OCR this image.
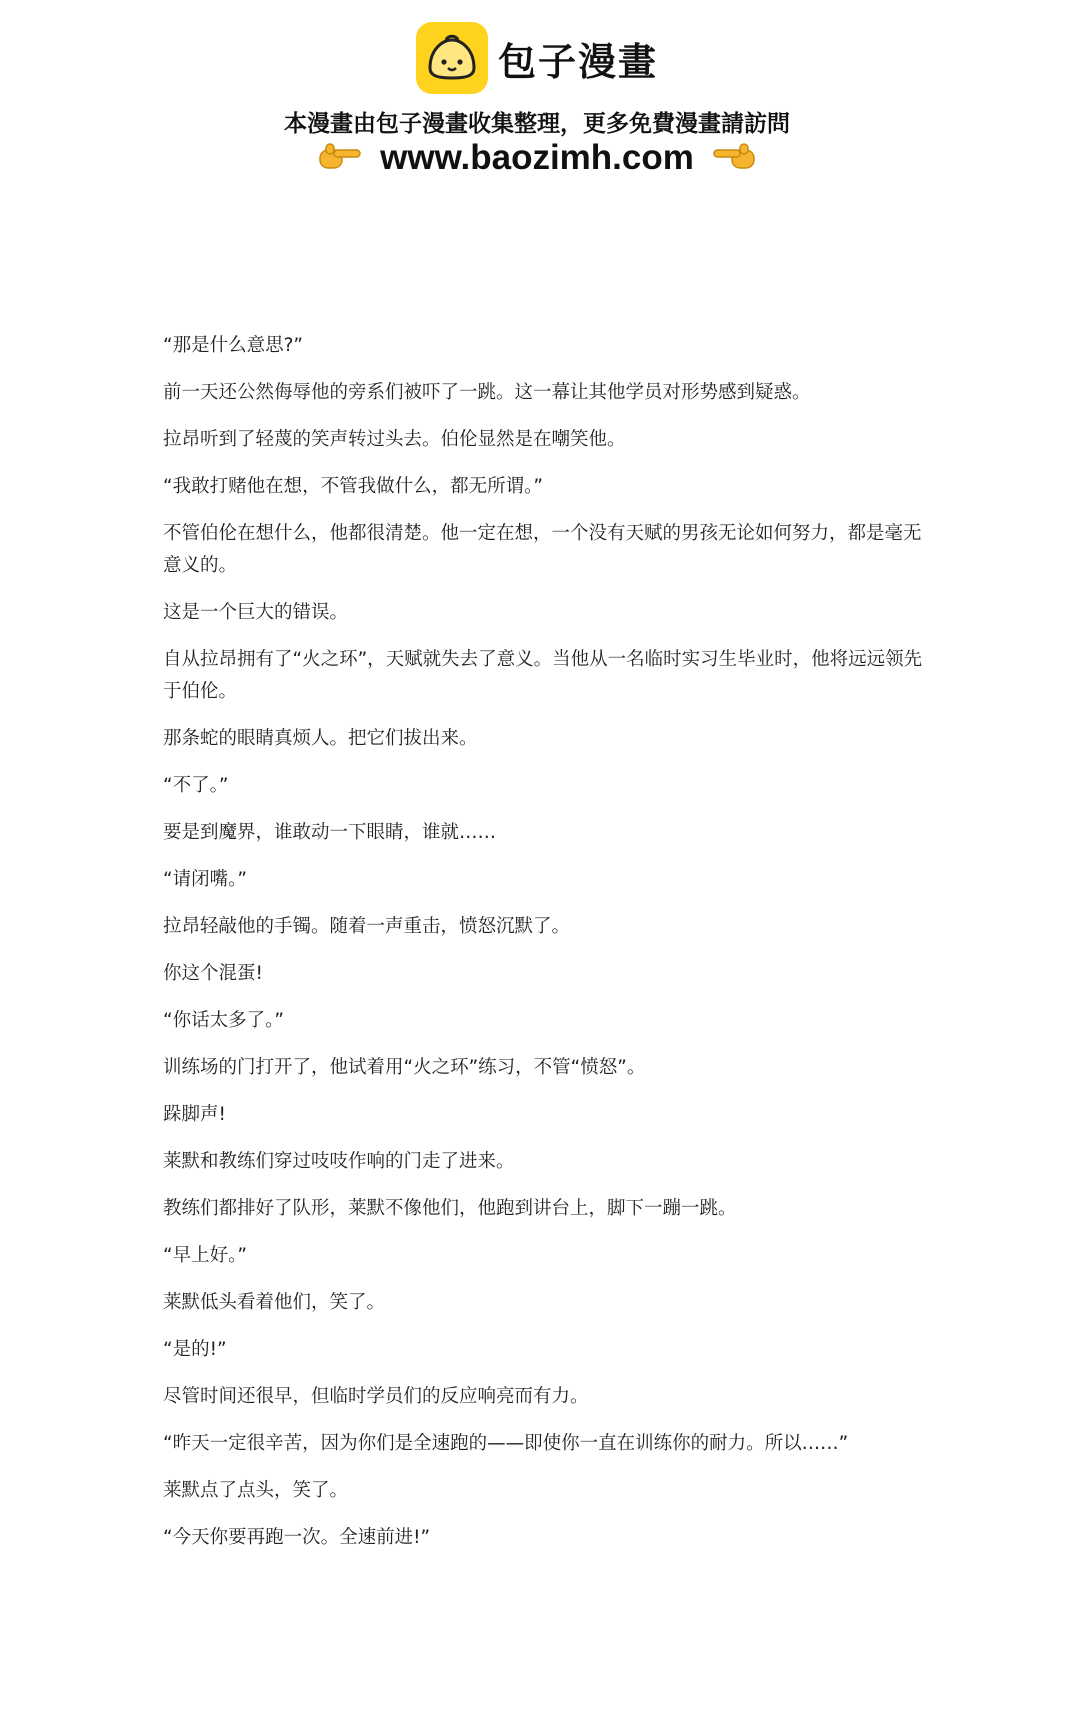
包子漫畫
本漫畫由包子漫畫收集整理，更多免費漫畫請訪問
www.baozimh.com

“那是什么意思?”

前一天还公然侮辱他的旁系们被吓了一跳。这一幕让其他学员对形势感到疑惑。

拉昂听到了轻蔑的笑声转过头去。伯伦显然是在嘲笑他。

“我敢打赌他在想，不管我做什么，都无所谓。”

不管伯伦在想什么，他都很清楚。他一定在想，一个没有天赋的男孩无论如何努力，都是毫无意义的。

这是一个巨大的错误。

自从拉昂拥有了“火之环”，天赋就失去了意义。当他从一名临时实习生毕业时，他将远远领先于伯伦。

那条蛇的眼睛真烦人。把它们拔出来。

“不了。”

要是到魔界，谁敢动一下眼睛，谁就……

“请闭嘴。”

拉昂轻敲他的手镯。随着一声重击，愤怒沉默了。

你这个混蛋!

“你话太多了。”

训练场的门打开了，他试着用“火之环”练习，不管“愤怒”。

跺脚声!

莱默和教练们穿过吱吱作响的门走了进来。

教练们都排好了队形，莱默不像他们，他跑到讲台上，脚下一蹦一跳。

“早上好。”

莱默低头看着他们，笑了。

“是的!”

尽管时间还很早，但临时学员们的反应响亮而有力。

“昨天一定很辛苦，因为你们是全速跑的——即使你一直在训练你的耐力。所以……”

莱默点了点头，笑了。

“今天你要再跑一次。全速前进!”
